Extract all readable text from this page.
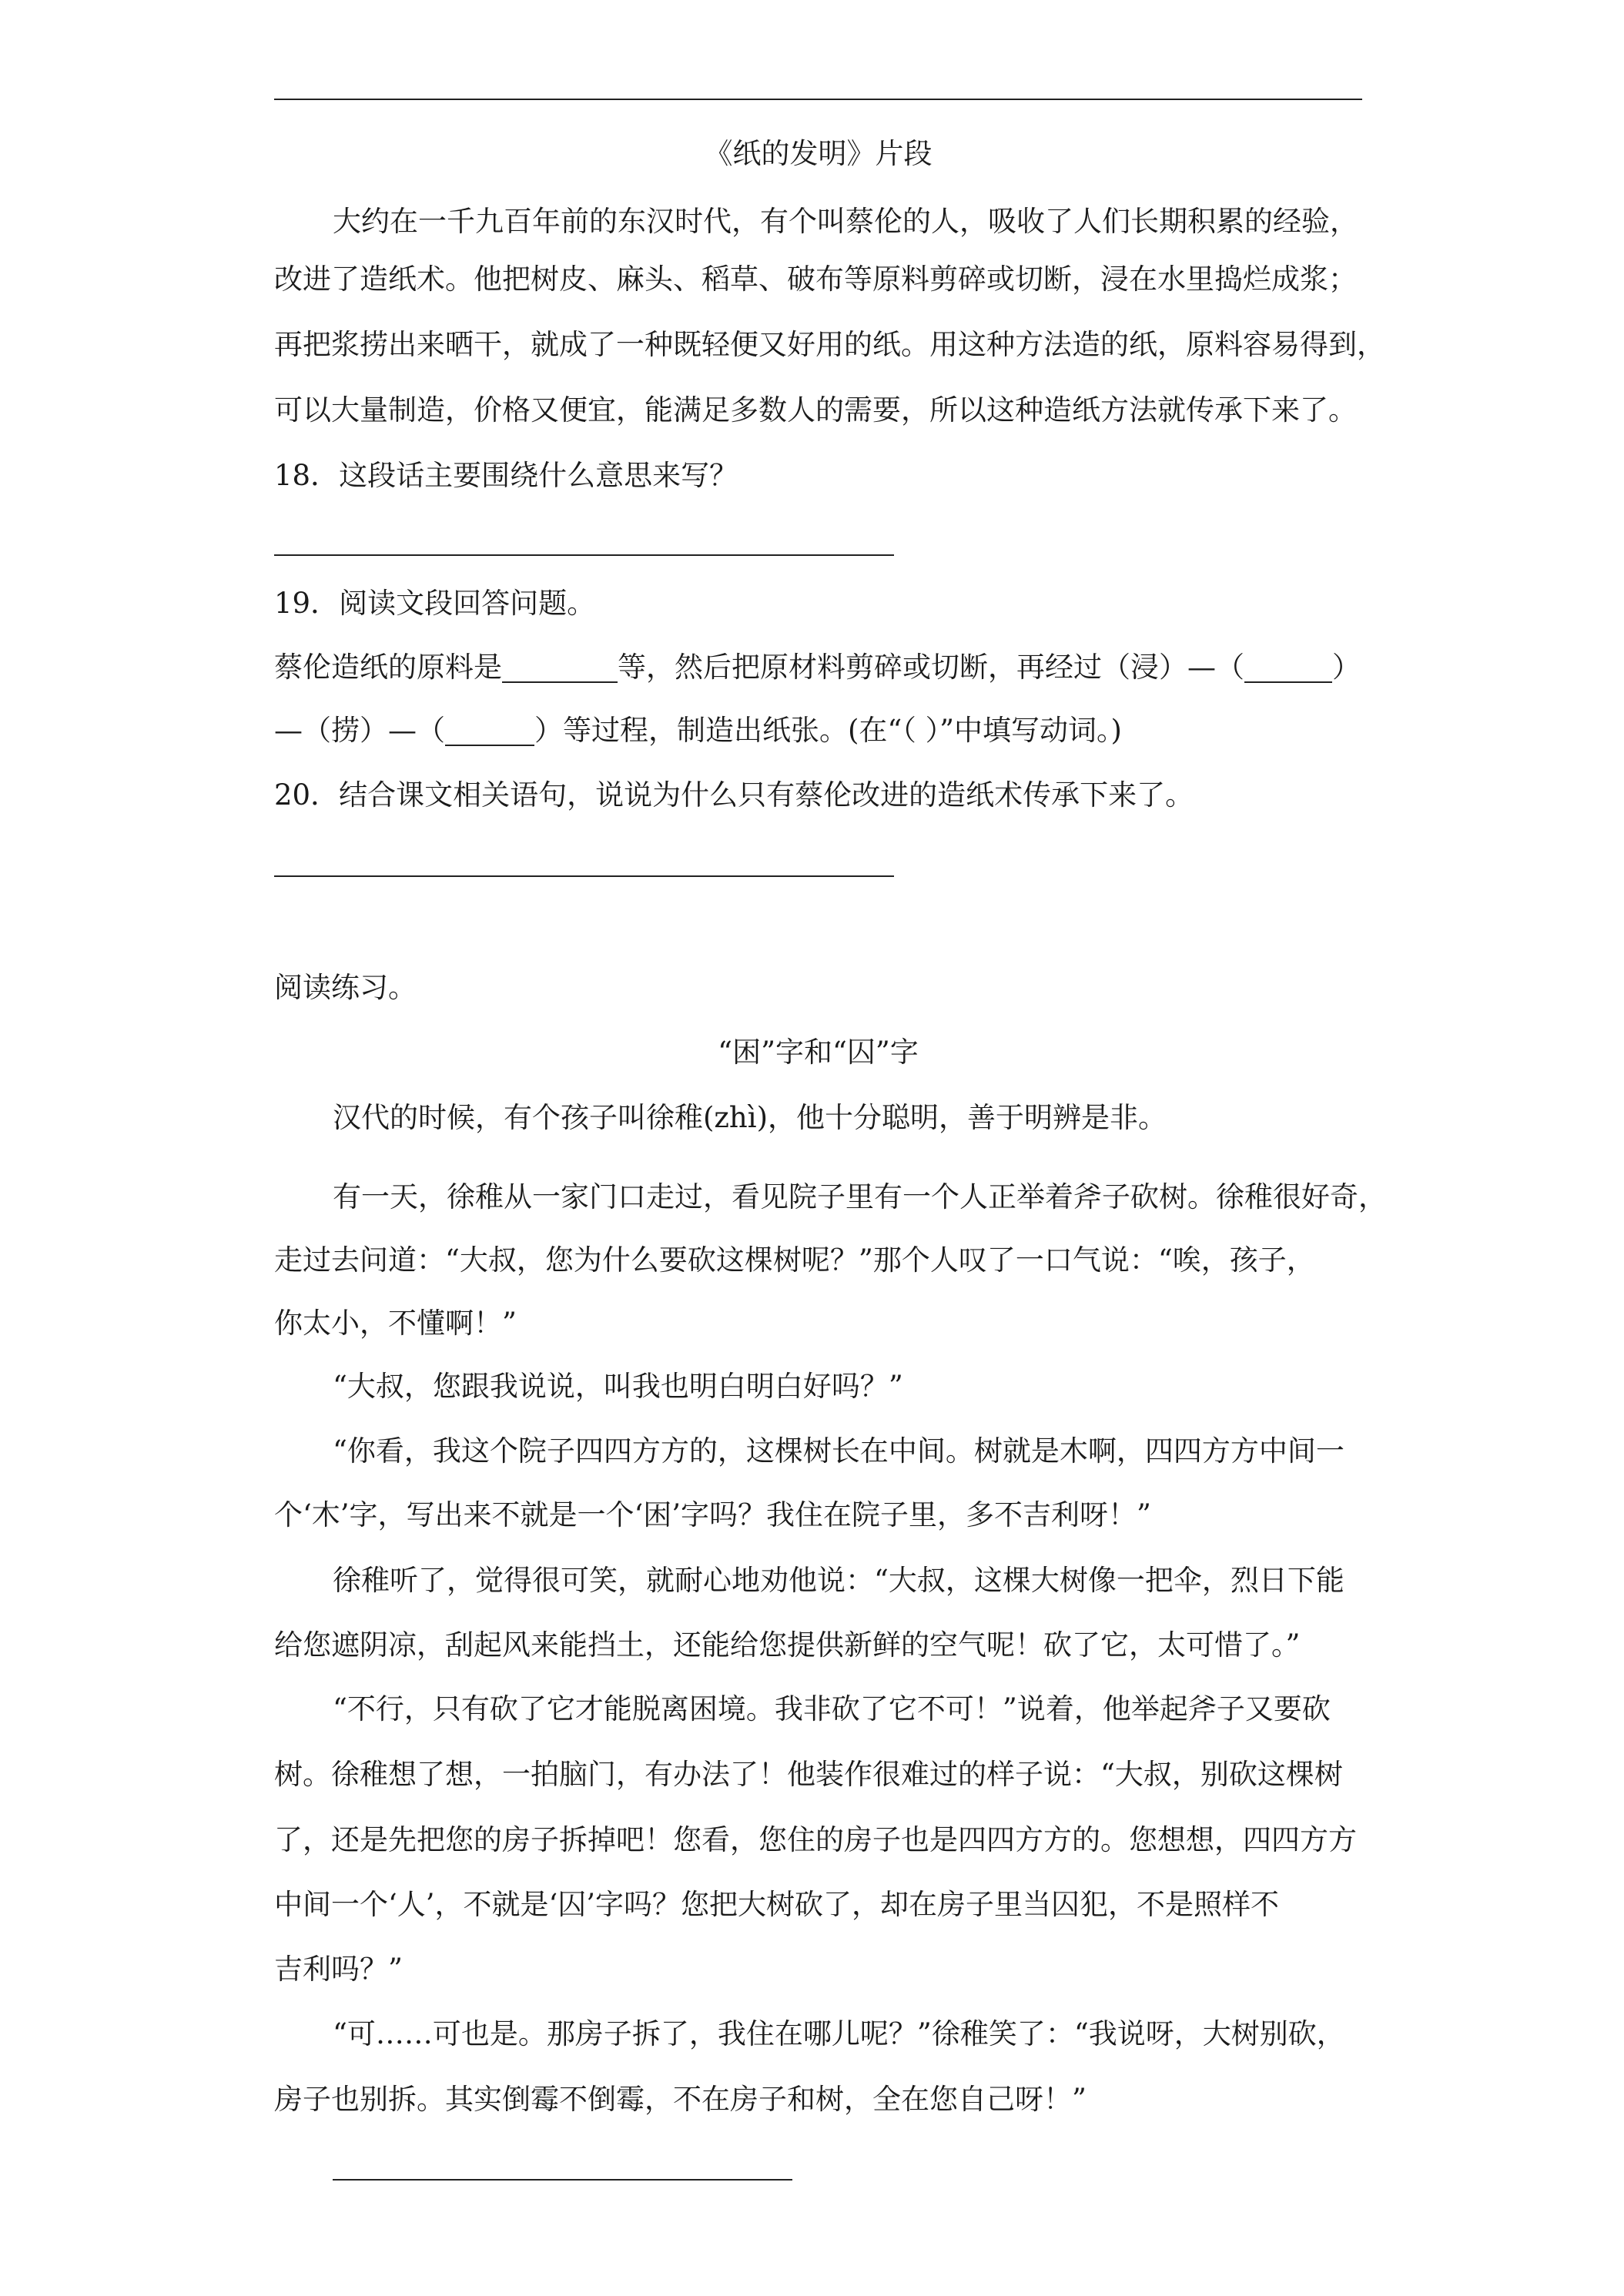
《纸的发明》片段
大约在一千九百年前的东汉时代，有个叫蔡伦的人，吸收了人们长期积累的经验，
改进了造纸术。他把树皮、麻头、稻草、破布等原料剪碎或切断，浸在水里捣烂成浆；
再把浆捞出来晒干，就成了一种既轻便又好用的纸。用这种方法造的纸，原料容易得到，
可以大量制造，价格又便宜，能满足多数人的需要，所以这种造纸方法就传承下来了。
18．这段话主要围绕什么意思来写？
19．阅读文段回答问题。
蔡伦造纸的原料是	等，然后把原材料剪碎或切断，再经过（浸）—（	）
—（捞）—（	）等过程，制造出纸张。(在“（ ）”中填写动词。)
20．结合课文相关语句，说说为什么只有蔡伦改进的造纸术传承下来了。
阅读练习。
“困”字和“囚”字
汉代的时候，有个孩子叫徐稚(zhì)，他十分聪明，善于明辨是非。
有一天，徐稚从一家门口走过，看见院子里有一个人正举着斧子砍树。徐稚很好奇，
走过去问道：“大叔，您为什么要砍这棵树呢？”那个人叹了一口气说：“唉，孩子，
你太小，不懂啊！”
“大叔，您跟我说说，叫我也明白明白好吗？”
“你看，我这个院子四四方方的，这棵树长在中间。树就是木啊，四四方方中间一
个‘木’字，写出来不就是一个‘困’字吗？我住在院子里，多不吉利呀！”
徐稚听了，觉得很可笑，就耐心地劝他说：“大叔，这棵大树像一把伞，烈日下能
给您遮阴凉，刮起风来能挡土，还能给您提供新鲜的空气呢！砍了它，太可惜了。”
“不行，只有砍了它才能脱离困境。我非砍了它不可！”说着，他举起斧子又要砍
树。徐稚想了想，一拍脑门，有办法了！他装作很难过的样子说：“大叔，别砍这棵树
了，还是先把您的房子拆掉吧！您看，您住的房子也是四四方方的。您想想，四四方方
中间一个‘人’，不就是‘囚’字吗？您把大树砍了，却在房子里当囚犯，不是照样不
吉利吗？”
“可……可也是。那房子拆了，我住在哪儿呢？”徐稚笑了：“我说呀，大树别砍，
房子也别拆。其实倒霉不倒霉，不在房子和树，全在您自己呀！”
